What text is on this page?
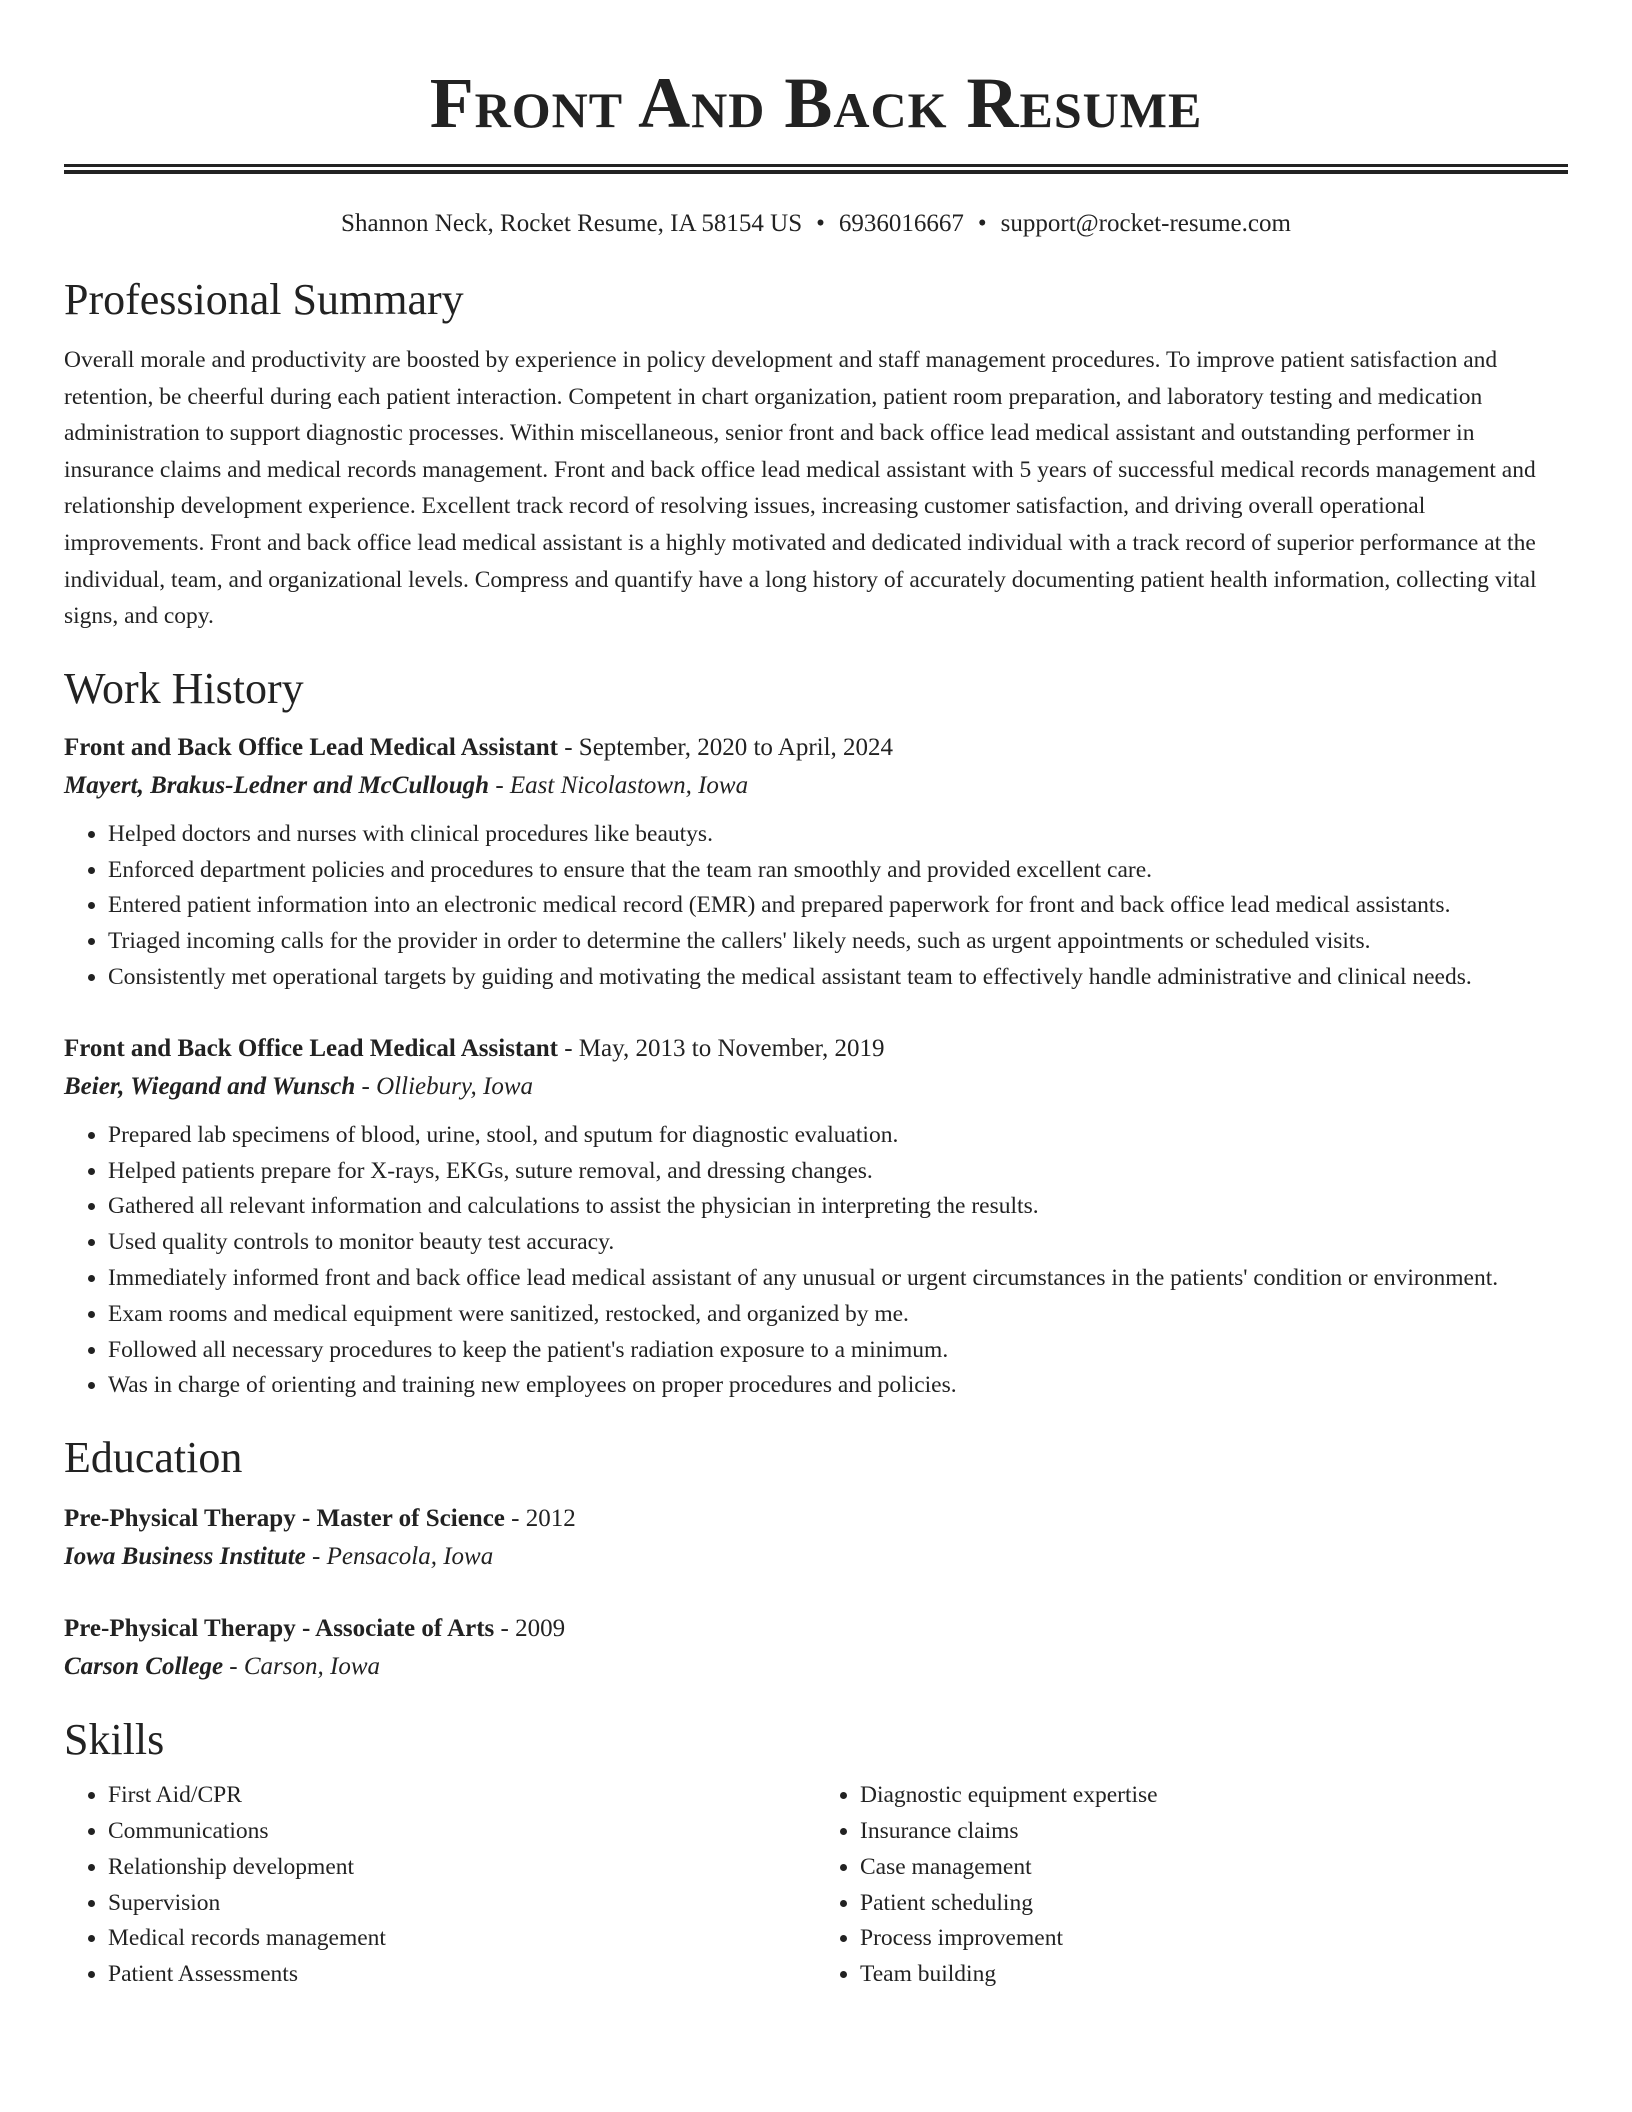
Front And Back Resume
Shannon Neck, Rocket Resume, IA 58154 US • 6936016667 • support@rocket-resume.com
Professional Summary

Overall morale and productivity are boosted by experience in policy development and staff management procedures. To improve patient satisfaction and retention, be cheerful during each patient interaction. Competent in chart organization, patient room preparation, and laboratory testing and medication administration to support diagnostic processes. Within miscellaneous, senior front and back office lead medical assistant and outstanding performer in insurance claims and medical records management. Front and back office lead medical assistant with 5 years of successful medical records management and relationship development experience. Excellent track record of resolving issues, increasing customer satisfaction, and driving overall operational improvements. Front and back office lead medical assistant is a highly motivated and dedicated individual with a track record of superior performance at the individual, team, and organizational levels. Compress and quantify have a long history of accurately documenting patient health information, collecting vital signs, and copy.

Work History
Front and Back Office Lead Medical Assistant - September, 2020 to April, 2024
Mayert, Brakus-Ledner and McCullough - East Nicolastown, Iowa
• Helped doctors and nurses with clinical procedures like beautys.
• Enforced department policies and procedures to ensure that the team ran smoothly and provided excellent care.
• Entered patient information into an electronic medical record (EMR) and prepared paperwork for front and back office lead medical assistants.
• Triaged incoming calls for the provider in order to determine the callers' likely needs, such as urgent appointments or scheduled visits.
• Consistently met operational targets by guiding and motivating the medical assistant team to effectively handle administrative and clinical needs.
Front and Back Office Lead Medical Assistant - May, 2013 to November, 2019
Beier, Wiegand and Wunsch - Olliebury, Iowa
• Prepared lab specimens of blood, urine, stool, and sputum for diagnostic evaluation.
• Helped patients prepare for X-rays, EKGs, suture removal, and dressing changes.
• Gathered all relevant information and calculations to assist the physician in interpreting the results.
• Used quality controls to monitor beauty test accuracy.
• Immediately informed front and back office lead medical assistant of any unusual or urgent circumstances in the patients' condition or environment.
• Exam rooms and medical equipment were sanitized, restocked, and organized by me.
• Followed all necessary procedures to keep the patient's radiation exposure to a minimum.
• Was in charge of orienting and training new employees on proper procedures and policies.
Education
Pre-Physical Therapy - Master of Science - 2012
Iowa Business Institute - Pensacola, Iowa
Pre-Physical Therapy - Associate of Arts - 2009
Carson College - Carson, Iowa
Skills
• First Aid/CPR
• Communications
• Relationship development
• Supervision
• Medical records management
• Patient Assessments
• Diagnostic equipment expertise
• Insurance claims
• Case management
• Patient scheduling
• Process improvement
• Team building
